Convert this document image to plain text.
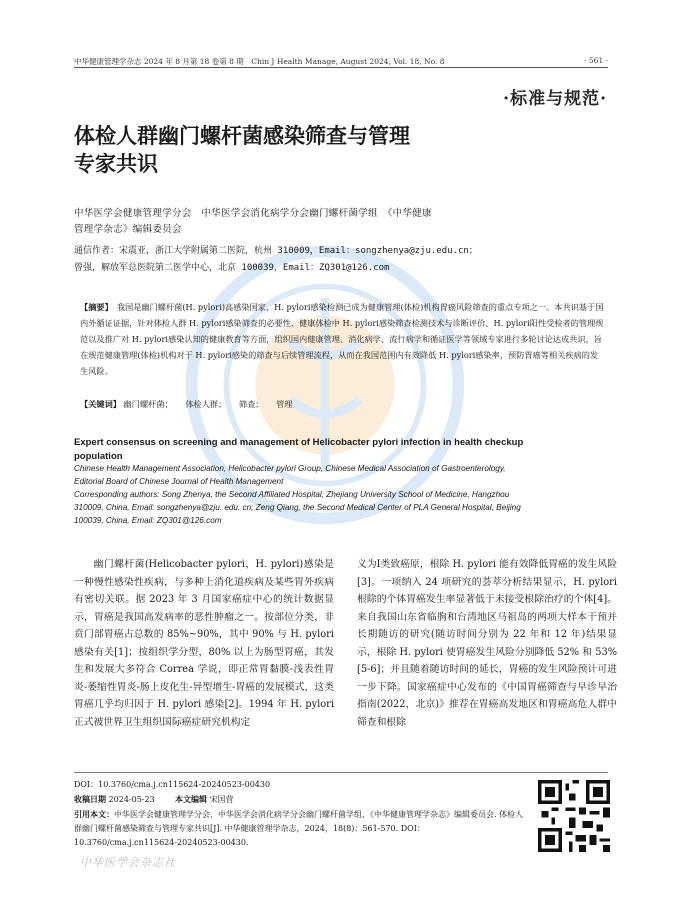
中华健康管理学杂志 2024 年 8 月第 18 卷第 8 期　Chin J Health Manage, August 2024, Vol. 18, No. 8	· 561 ·
·标准与规范·
体检人群幽门螺杆菌感染筛查与管理
专家共识
中华医学会健康管理学分会　中华医学会消化病学分会幽门螺杆菌学组　《中华健康
管理学杂志》编辑委员会
通信作者：宋震亚，浙江大学附属第二医院，杭州 310009，Email：songzhenya@zju.edu.cn；
曾强，解放军总医院第二医学中心，北京 100039，Email：ZQ301@126.com
【摘要】　我国是幽门螺杆菌(H. pylori)高感染国家，H. pylori感染检测已成为健康管理(体检)机构胃癌风险筛查的重点专项之一。本共识基于国内外循证证据，针对体检人群 H. pylori感染筛查的必要性、健康体检中 H. pylori感染筛查检测技术与诊断评价、H. pylori阳性受检者的管理规范以及推广对 H. pylori感染认知的健康教育等方面，组织国内健康管理、消化病学、流行病学和循证医学等领域专家进行多轮讨论达成共识，旨在规范健康管理(体检)机构对于 H. pylori感染的筛查与后续管理流程，从而在我国范围内有效降低 H. pylori感染率，预防胃癌等相关疾病的发生风险。
【关键词】 幽门螺杆菌； 体检人群； 筛查； 管理
Expert consensus on screening and management of Helicobacter pylori infection in health checkup population
Chinese Health Management Association, Helicobacter pylori Group, Chinese Medical Association of Gastroenterology, Editorial Board of Chinese Journal of Health Management
Corresponding authors: Song Zhenya, the Second Affiliated Hospital, Zhejiang University School of Medicine, Hangzhou 310009, China, Email: songzhenya@zju. edu. cn; Zeng Qiang, the Second Medical Center of PLA General Hospital, Beijing 100039, China, Email: ZQ301@126.com
幽门螺杆菌(Helicobacter pylori，H. pylori)感染是一种慢性感染性疾病，与多种上消化道疾病及某些胃外疾病有密切关联。据 2023 年 3 月国家癌症中心的统计数据显示，胃癌是我国高发病率的恶性肿瘤之一。按部位分类，非贲门部胃癌占总数的 85%~90%，其中 90% 与 H. pylori 感染有关[1]；按组织学分型，80% 以上为肠型胃癌，其发生和发展大多符合 Correa 学说，即正常胃黏膜-浅表性胃炎-萎缩性胃炎-肠上皮化生-异型增生-胃癌的发展模式，这类胃癌几乎均归因于 H. pylori 感染[2]。1994 年 H. pylori 正式被世界卫生组织国际癌症研究机构定
义为Ⅰ类致癌原，根除 H. pylori 能有效降低胃癌的发生风险[3]。一项纳入 24 项研究的荟萃分析结果显示，H. pylori 根除的个体胃癌发生率显著低于未接受根除治疗的个体[4]。来自我国山东省临朐和台湾地区马祖岛的两项大样本干预并长期随访的研究(随访时间分别为 22 年和 12 年)结果显示，根除 H. pylori 使胃癌发生风险分别降低 52% 和 53%[5-6]；并且随着随访时间的延长，胃癌的发生风险预计可进一步下降。国家癌症中心发布的《中国胃癌筛查与早诊早治指南(2022，北京)》推荐在胃癌高发地区和胃癌高危人群中筛查和根除
DOI：10.3760/cma.j.cn115624-20240523-00430
收稿日期 2024-05-23	本文编辑 宋国营
引用本文：中华医学会健康管理学分会，中华医学会消化病学分会幽门螺杆菌学组，《中华健康管理学杂志》编辑委员会. 体检人群幽门螺杆菌感染筛查与管理专家共识[J]. 中华健康管理学杂志，2024，18(8)：561-570. DOI：10.3760/cma.j.cn115624-20240523-00430.
中华医学会杂志社
